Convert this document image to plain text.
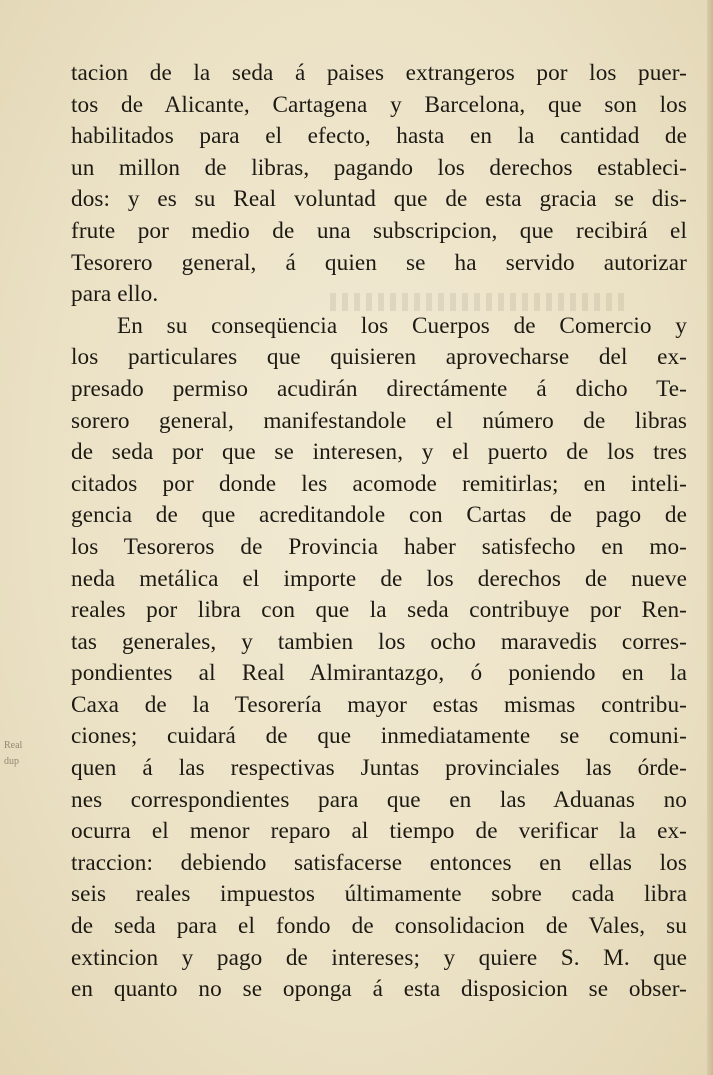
Real
dup
tacion de la seda á paises extrangeros por los puer-
tos de Alicante, Cartagena y Barcelona, que son los
habilitados para el efecto, hasta en la cantidad de
un millon de libras, pagando los derechos estableci-
dos: y es su Real voluntad que de esta gracia se dis-
frute por medio de una subscripcion, que recibirá el
Tesorero general, á quien se ha servido autorizar
para ello.
En su conseqüencia los Cuerpos de Comercio y
los particulares que quisieren aprovecharse del ex-
presado permiso acudirán directámente á dicho Te-
sorero general, manifestandole el número de libras
de seda por que se interesen, y el puerto de los tres
citados por donde les acomode remitirlas; en inteli-
gencia de que acreditandole con Cartas de pago de
los Tesoreros de Provincia haber satisfecho en mo-
neda metálica el importe de los derechos de nueve
reales por libra con que la seda contribuye por Ren-
tas generales, y tambien los ocho maravedis corres-
pondientes al Real Almirantazgo, ó poniendo en la
Caxa de la Tesorería mayor estas mismas contribu-
ciones; cuidará de que inmediatamente se comuni-
quen á las respectivas Juntas provinciales las órde-
nes correspondientes para que en las Aduanas no
ocurra el menor reparo al tiempo de verificar la ex-
traccion: debiendo satisfacerse entonces en ellas los
seis reales impuestos últimamente sobre cada libra
de seda para el fondo de consolidacion de Vales, su
extincion y pago de intereses; y quiere S. M. que
en quanto no se oponga á esta disposicion se obser-
